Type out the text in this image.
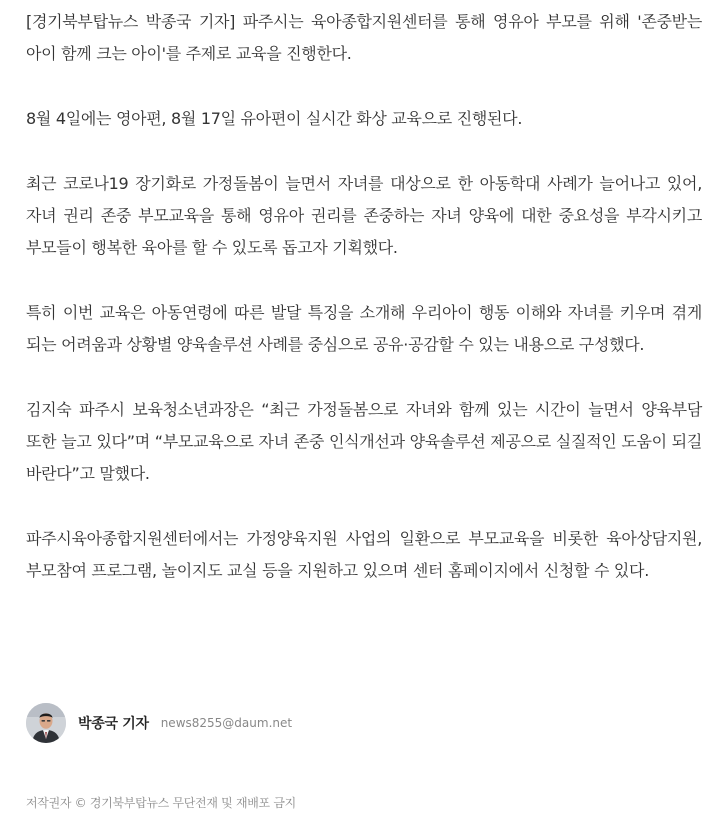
[경기북부탑뉴스 박종국 기자] 파주시는 육아종합지원센터를 통해 영유아 부모를 위해 '존중받는 아이 함께 크는 아이'를 주제로 교육을 진행한다.

8월 4일에는 영아편, 8월 17일 유아편이 실시간 화상 교육으로 진행된다.

최근 코로나19 장기화로 가정돌봄이 늘면서 자녀를 대상으로 한 아동학대 사례가 늘어나고 있어, 자녀 권리 존중 부모교육을 통해 영유아 권리를 존중하는 자녀 양육에 대한 중요성을 부각시키고 부모들이 행복한 육아를 할 수 있도록 돕고자 기획했다.

특히 이번 교육은 아동연령에 따른 발달 특징을 소개해 우리아이 행동 이해와 자녀를 키우며 겪게 되는 어려움과 상황별 양육솔루션 사례를 중심으로 공유·공감할 수 있는 내용으로 구성했다.

김지숙 파주시 보육청소년과장은 “최근 가정돌봄으로 자녀와 함께 있는 시간이 늘면서 양육부담 또한 늘고 있다”며 “부모교육으로 자녀 존중 인식개선과 양육솔루션 제공으로 실질적인 도움이 되길 바란다”고 말했다.

파주시육아종합지원센터에서는 가정양육지원 사업의 일환으로 부모교육을 비롯한 육아상담지원, 부모참여 프로그램, 놀이지도 교실 등을 지원하고 있으며 센터 홈페이지에서 신청할 수 있다.

박종국 기자 news8255@daum.net
저작권자 © 경기북부탑뉴스 무단전재 및 재배포 금지
